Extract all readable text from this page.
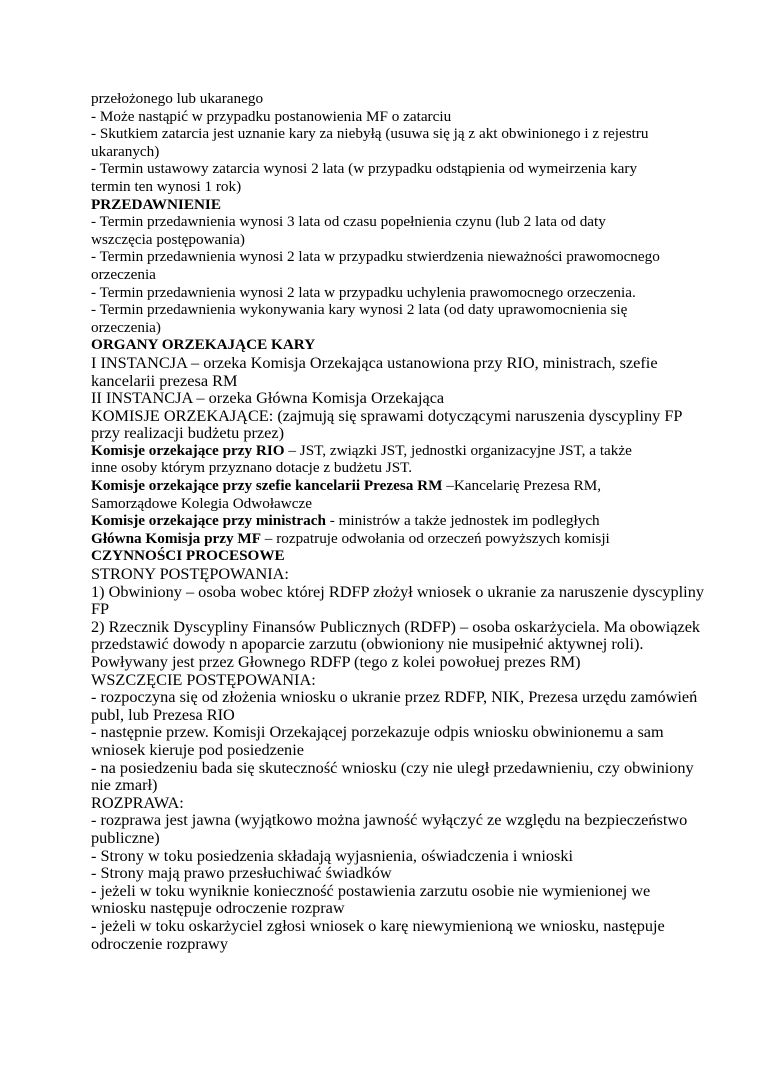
przełożonego lub ukaranego
- Może nastąpić w przypadku postanowienia MF o zatarciu
- Skutkiem zatarcia jest uznanie kary za niebyłą (usuwa się ją z akt obwinionego i z rejestru
ukaranych)
- Termin ustawowy zatarcia wynosi 2 lata (w przypadku odstąpienia od wymeirzenia kary
termin ten wynosi 1 rok)
PRZEDAWNIENIE
- Termin przedawnienia wynosi 3 lata od czasu popełnienia czynu (lub 2 lata od daty
wszczęcia postępowania)
- Termin przedawnienia wynosi 2 lata w przypadku stwierdzenia nieważności prawomocnego
orzeczenia
- Termin przedawnienia wynosi 2 lata w przypadku uchylenia prawomocnego orzeczenia.
- Termin przedawnienia wykonywania kary wynosi 2 lata (od daty uprawomocnienia się
orzeczenia)
ORGANY ORZEKAJĄCE KARY
I INSTANCJA – orzeka Komisja Orzekająca ustanowiona przy RIO, ministrach, szefie
kancelarii prezesa RM
II INSTANCJA – orzeka Główna Komisja Orzekająca
KOMISJE ORZEKAJĄCE: (zajmują się sprawami dotyczącymi naruszenia dyscypliny FP
przy realizacji budżetu przez)
Komisje orzekające przy RIO – JST, związki JST, jednostki organizacyjne JST, a także
inne osoby którym przyznano dotacje z budżetu JST.
Komisje orzekające przy szefie kancelarii Prezesa RM –Kancelarię Prezesa RM,
Samorządowe Kolegia Odwoławcze
Komisje orzekające przy ministrach - ministrów a także jednostek im podległych
Główna Komisja przy MF – rozpatruje odwołania od orzeczeń powyższych komisji
CZYNNOŚCI PROCESOWE
STRONY POSTĘPOWANIA:
1) Obwiniony – osoba wobec której RDFP złożył wniosek o ukranie za naruszenie dyscypliny
FP
2) Rzecznik Dyscypliny Finansów Publicznych (RDFP) – osoba oskarżyciela. Ma obowiązek
przedstawić dowody n apoparcie zarzutu (obwioniony nie musipełnić aktywnej roli).
Powływany jest przez Głownego RDFP (tego z kolei powołuej prezes RM)
WSZCZĘCIE POSTĘPOWANIA:
- rozpoczyna się od złożenia wniosku o ukranie przez RDFP, NIK, Prezesa urzędu zamówień
publ, lub Prezesa RIO
- następnie przew. Komisji Orzekającej porzekazuje odpis wniosku obwinionemu a sam
wniosek kieruje pod posiedzenie
- na posiedzeniu bada się skuteczność wniosku (czy nie uległ przedawnieniu, czy obwiniony
nie zmarł)
ROZPRAWA:
- rozprawa jest jawna (wyjątkowo można jawność wyłączyć ze względu na bezpieczeństwo
publiczne)
- Strony w toku posiedzenia składają wyjasnienia, oświadczenia i wnioski
- Strony mają prawo przesłuchiwać świadków
- jeżeli w toku wyniknie konieczność postawienia zarzutu osobie nie wymienionej we
wniosku następuje odroczenie rozpraw
- jeżeli w toku oskarżyciel zgłosi wniosek o karę niewymienioną we wniosku, następuje
odroczenie rozprawy
